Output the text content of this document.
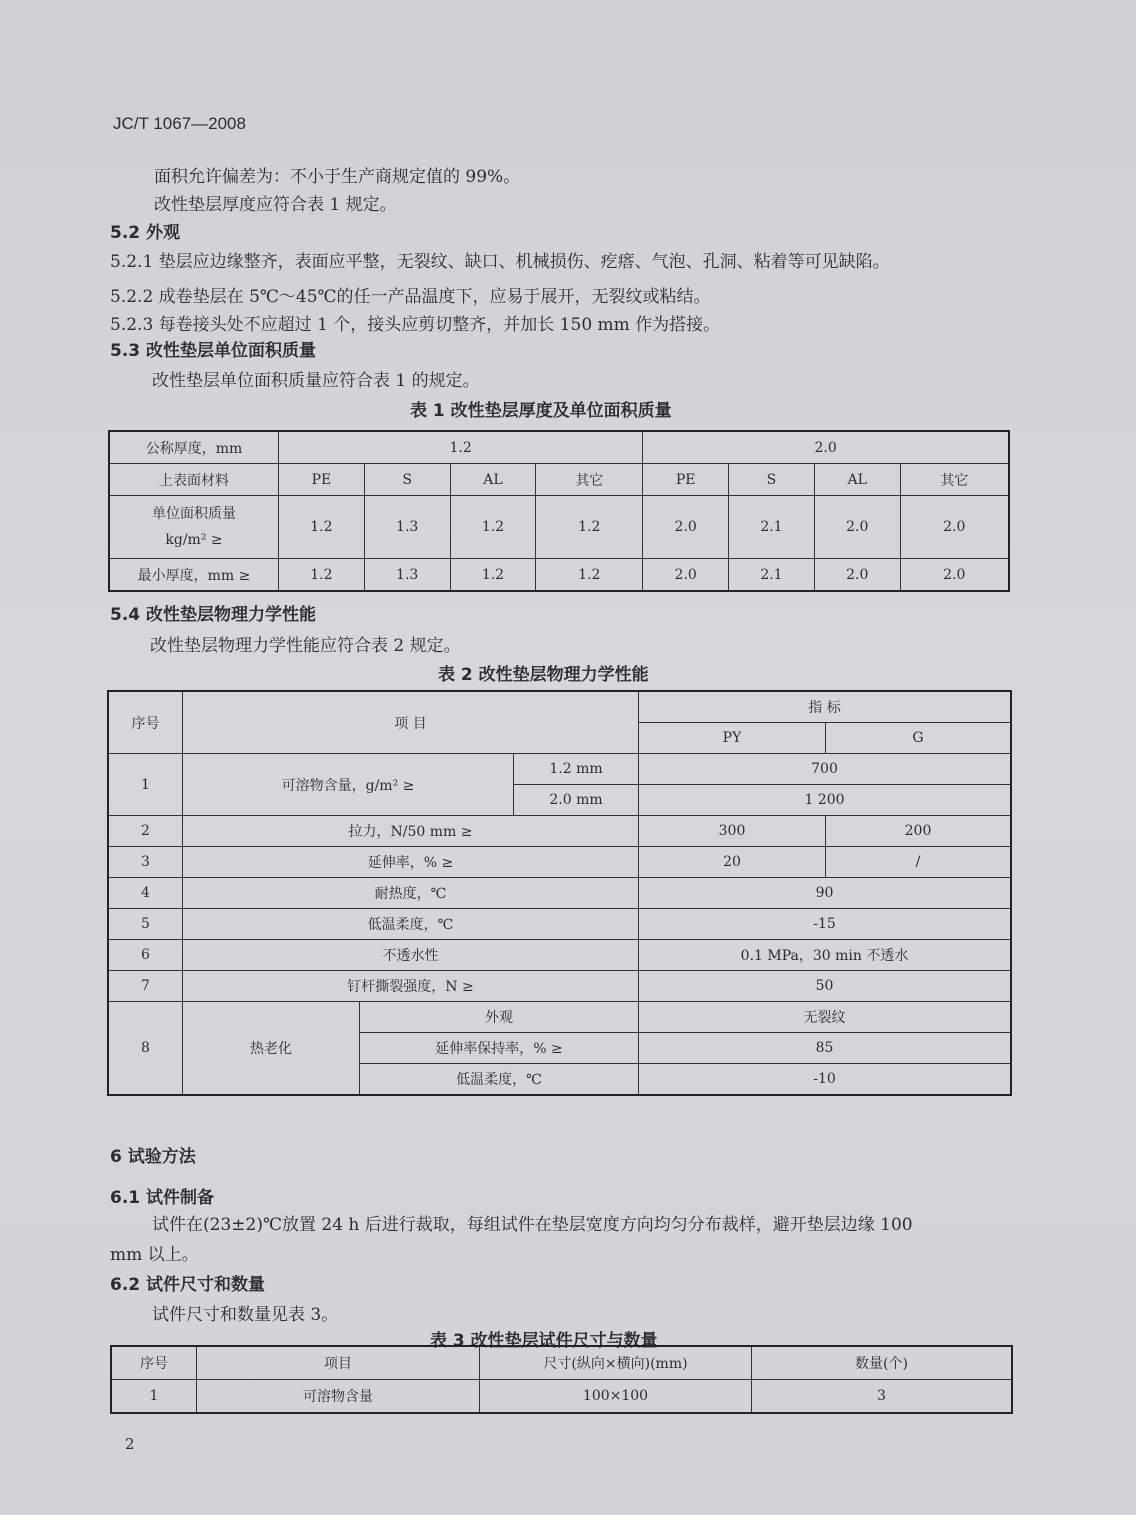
JC/T 1067—2008
面积允许偏差为：不小于生产商规定值的 99%。
改性垫层厚度应符合表 1 规定。
5.2 外观
5.2.1 垫层应边缘整齐，表面应平整，无裂纹、缺口、机械损伤、疙瘩、气泡、孔洞、粘着等可见缺陷。
5.2.2 成卷垫层在 5℃～45℃的任一产品温度下，应易于展开，无裂纹或粘结。
5.2.3 每卷接头处不应超过 1 个，接头应剪切整齐，并加长 150 mm 作为搭接。
5.3 改性垫层单位面积质量
改性垫层单位面积质量应符合表 1 的规定。
表 1 改性垫层厚度及单位面积质量
公称厚度，mm	1.2				2.0			
上表面材料	PE	S	AL	其它	PE	S	AL	其它

单位面积质量
kg/m² ≥	1.2	1.3	1.2	1.2	2.0	2.1	2.0	2.0
最小厚度，mm ≥	1.2	1.3	1.2	1.2	2.0	2.1	2.0	2.0
5.4 改性垫层物理力学性能
改性垫层物理力学性能应符合表 2 规定。
表 2 改性垫层物理力学性能
序号	项 目			指 标	
				PY	G
1	可溶物含量，g/m² ≥		1.2 mm	700	
			2.0 mm	1 200	
2	拉力，N/50 mm ≥			300	200
3	延伸率，% ≥			20	/
4	耐热度，℃			90	
5	低温柔度，℃			-15	
6	不透水性			0.1 MPa，30 min 不透水	
7	钉杆撕裂强度，N ≥			50	
8	热老化	外观		无裂纹	
		延伸率保持率，% ≥		85	
		低温柔度，℃		-10	
6 试验方法
6.1 试件制备
试件在(23±2)℃放置 24 h 后进行裁取，每组试件在垫层宽度方向均匀分布裁样，避开垫层边缘 100
mm 以上。
6.2 试件尺寸和数量
试件尺寸和数量见表 3。
表 3 改性垫层试件尺寸与数量
序号	项目	尺寸(纵向×横向)(mm)	数量(个)
1	可溶物含量	100×100	3
2
